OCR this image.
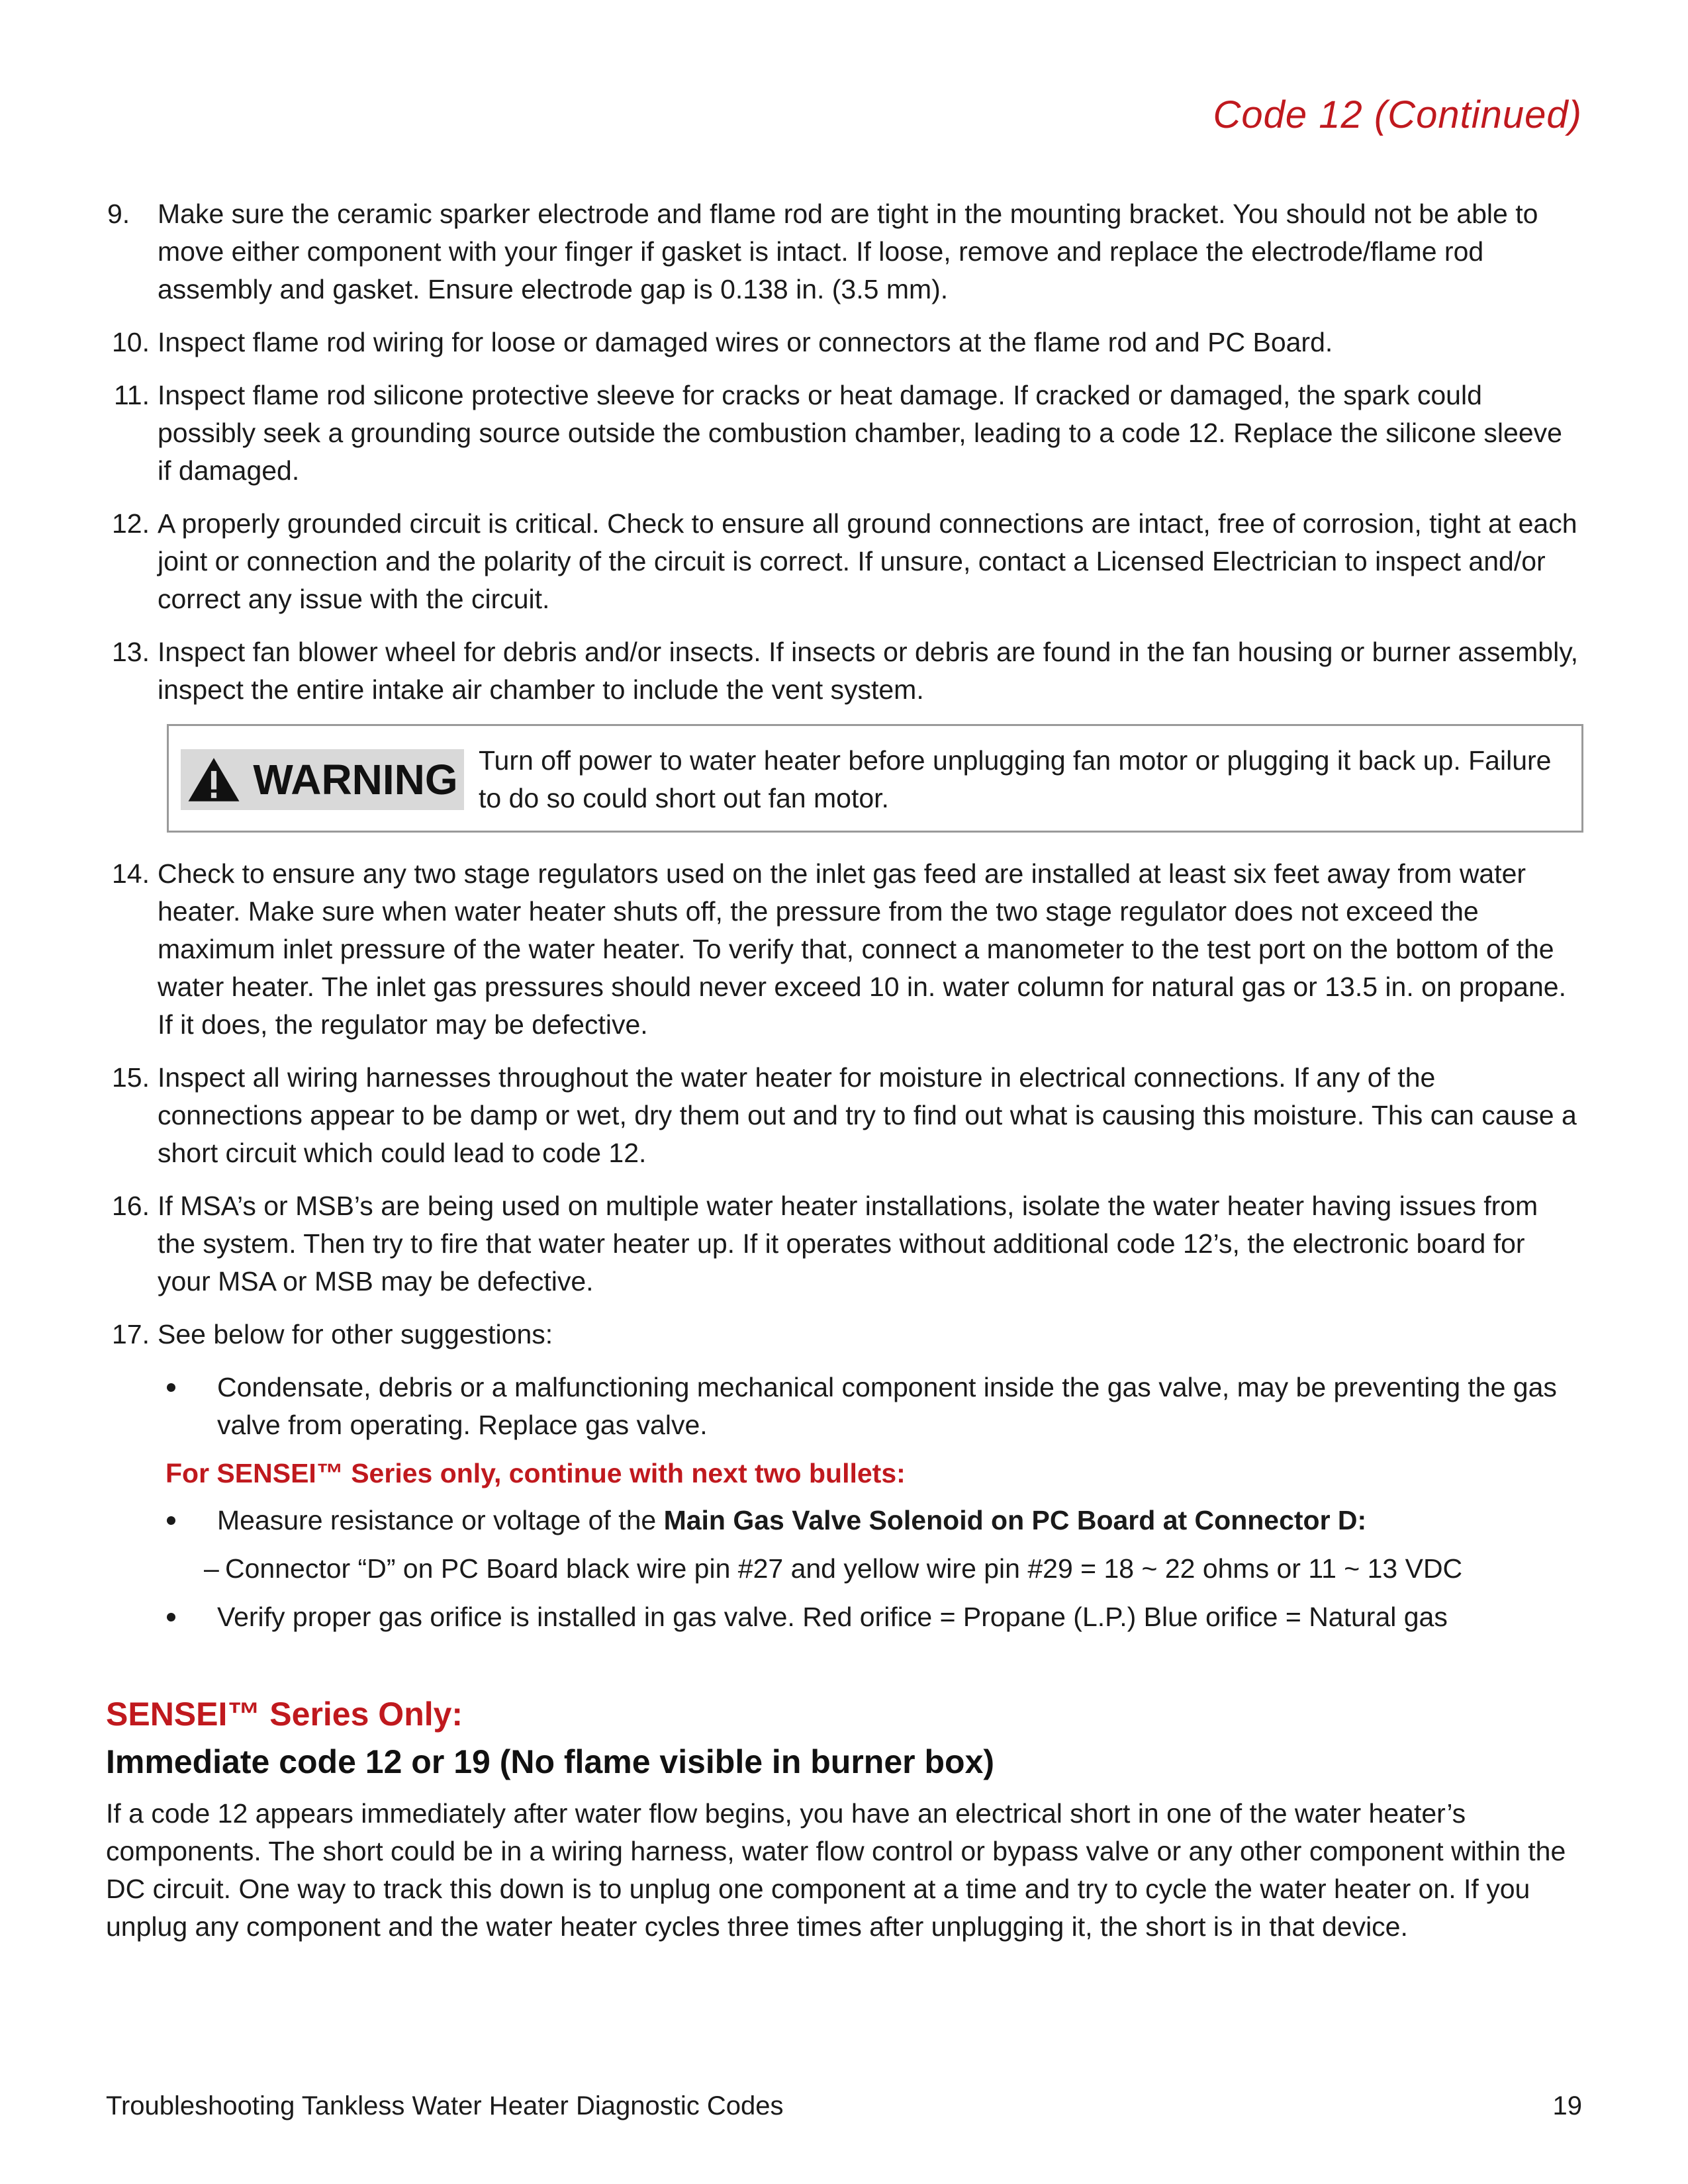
Code 12 (Continued)
9. Make sure the ceramic sparker electrode and flame rod are tight in the mounting bracket. You should not be able to move either component with your finger if gasket is intact. If loose, remove and replace the electrode/flame rod assembly and gasket. Ensure electrode gap is 0.138 in. (3.5 mm).
10. Inspect flame rod wiring for loose or damaged wires or connectors at the flame rod and PC Board.
11. Inspect flame rod silicone protective sleeve for cracks or heat damage. If cracked or damaged, the spark could possibly seek a grounding source outside the combustion chamber, leading to a code 12. Replace the silicone sleeve if damaged.
12. A properly grounded circuit is critical. Check to ensure all ground connections are intact, free of corrosion, tight at each joint or connection and the polarity of the circuit is correct. If unsure, contact a Licensed Electrician to inspect and/or correct any issue with the circuit.
13. Inspect fan blower wheel for debris and/or insects. If insects or debris are found in the fan housing or burner assembly, inspect the entire intake air chamber to include the vent system.
WARNING Turn off power to water heater before unplugging fan motor or plugging it back up. Failure to do so could short out fan motor.
14. Check to ensure any two stage regulators used on the inlet gas feed are installed at least six feet away from water heater. Make sure when water heater shuts off, the pressure from the two stage regulator does not exceed the maximum inlet pressure of the water heater. To verify that, connect a manometer to the test port on the bottom of the water heater. The inlet gas pressures should never exceed 10 in. water column for natural gas or 13.5 in. on propane. If it does, the regulator may be defective.
15. Inspect all wiring harnesses throughout the water heater for moisture in electrical connections. If any of the connections appear to be damp or wet, dry them out and try to find out what is causing this moisture. This can cause a short circuit which could lead to code 12.
16. If MSA’s or MSB’s are being used on multiple water heater installations, isolate the water heater having issues from the system. Then try to fire that water heater up. If it operates without additional code 12’s, the electronic board for your MSA or MSB may be defective.
17. See below for other suggestions:
Condensate, debris or a malfunctioning mechanical component inside the gas valve, may be preventing the gas valve from operating. Replace gas valve.
For SENSEI™ Series only, continue with next two bullets:
Measure resistance or voltage of the Main Gas Valve Solenoid on PC Board at Connector D:
– Connector “D” on PC Board black wire pin #27 and yellow wire pin #29 = 18 ~ 22 ohms or 11 ~ 13 VDC
Verify proper gas orifice is installed in gas valve. Red orifice = Propane (L.P.) Blue orifice = Natural gas
SENSEI™ Series Only:
Immediate code 12 or 19 (No flame visible in burner box)
If a code 12 appears immediately after water flow begins, you have an electrical short in one of the water heater’s components. The short could be in a wiring harness, water flow control or bypass valve or any other component within the DC circuit. One way to track this down is to unplug one component at a time and try to cycle the water heater on. If you unplug any component and the water heater cycles three times after unplugging it, the short is in that device.
Troubleshooting Tankless Water Heater Diagnostic Codes	19
